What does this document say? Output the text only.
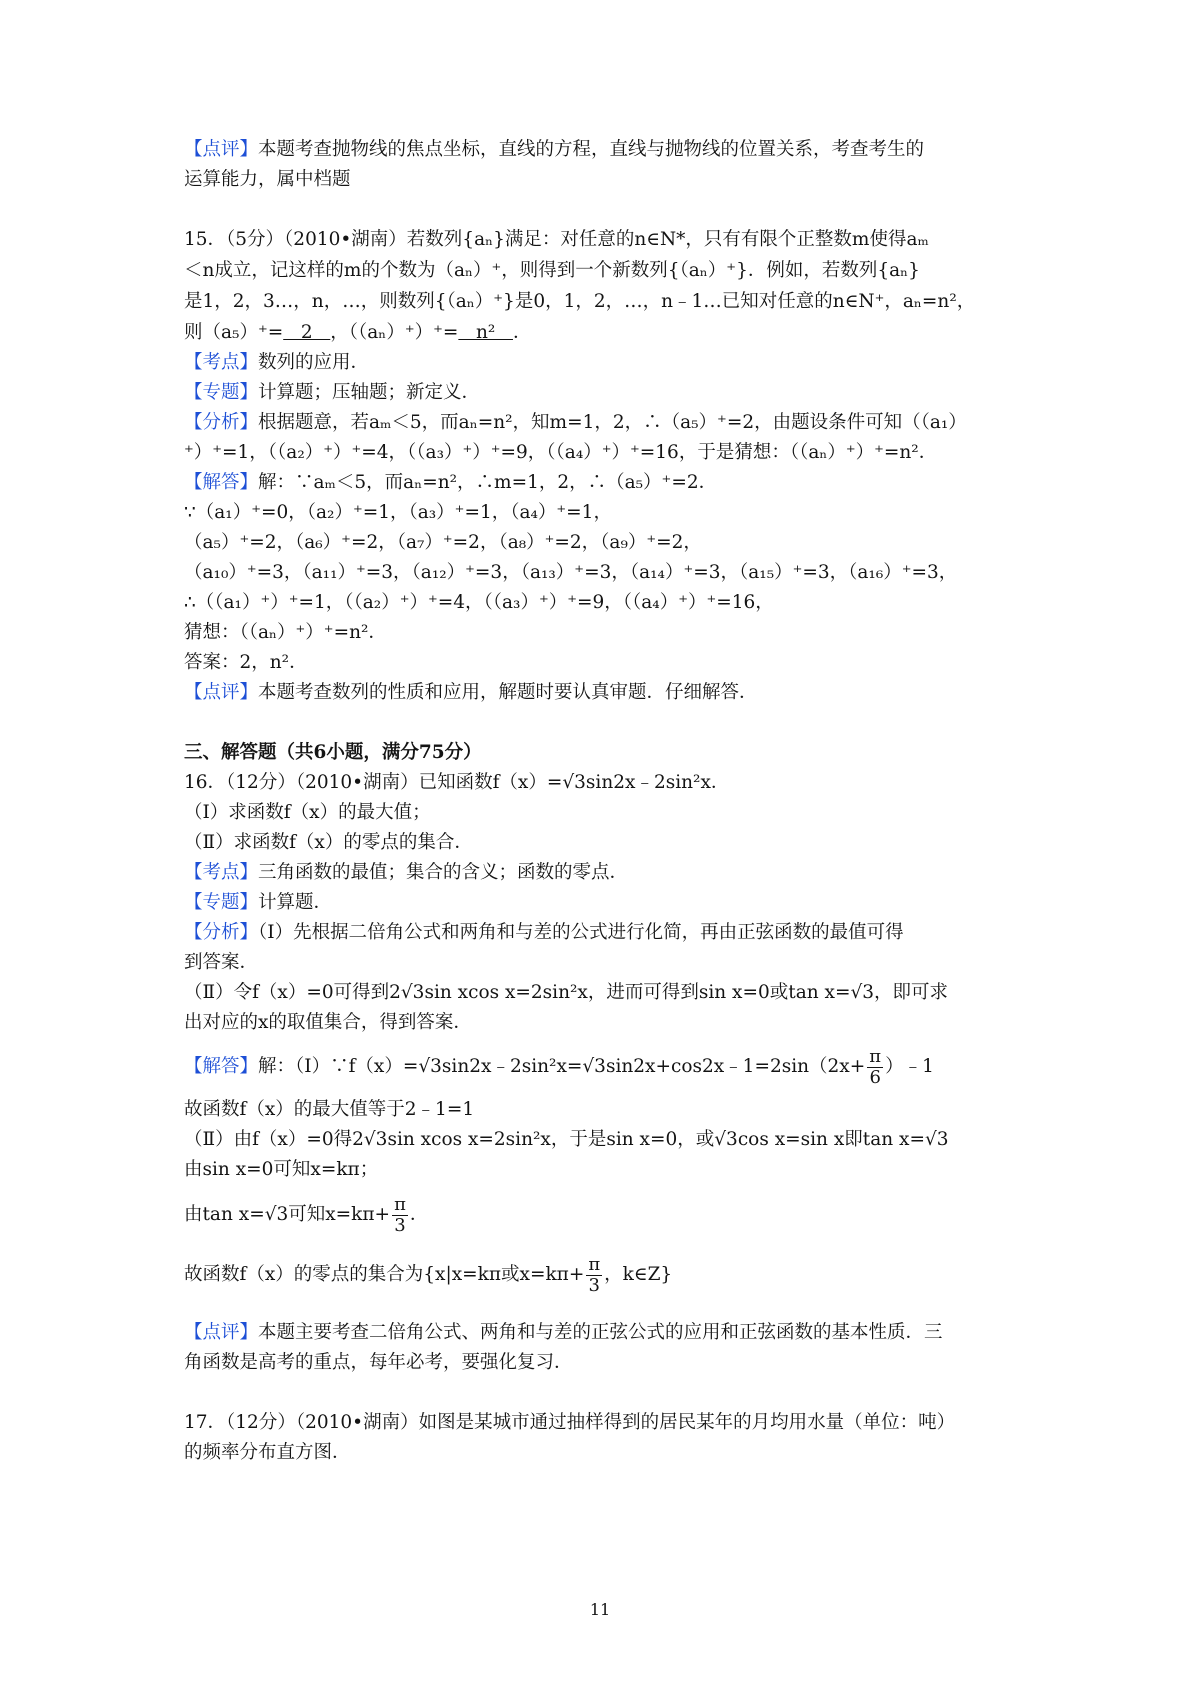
【点评】本题考查抛物线的焦点坐标，直线的方程，直线与抛物线的位置关系，考查考生的
运算能力，属中档题
15．（5分）（2010•湖南）若数列{aₙ}满足：对任意的n∈N*，只有有限个正整数m使得aₘ
＜n成立，记这样的m的个数为（aₙ）⁺，则得到一个新数列{（aₙ）⁺}．例如，若数列{aₙ}
是1，2，3…，n，…，则数列{（aₙ）⁺}是0，1，2，…，n﹣1…已知对任意的n∈N⁺，aₙ=n²，
则（a₅）⁺=   2   ，（（aₙ）⁺）⁺=   n²   ．
【考点】数列的应用．
【专题】计算题；压轴题；新定义．
【分析】根据题意，若aₘ＜5，而aₙ=n²，知m=1，2，∴（a₅）⁺=2，由题设条件可知（（a₁）
⁺）⁺=1，（（a₂）⁺）⁺=4，（（a₃）⁺）⁺=9，（（a₄）⁺）⁺=16，于是猜想：（（aₙ）⁺）⁺=n²．
【解答】解：∵aₘ＜5，而aₙ=n²，∴m=1，2，∴（a₅）⁺=2．
∵（a₁）⁺=0，（a₂）⁺=1，（a₃）⁺=1，（a₄）⁺=1，
（a₅）⁺=2，（a₆）⁺=2，（a₇）⁺=2，（a₈）⁺=2，（a₉）⁺=2，
（a₁₀）⁺=3，（a₁₁）⁺=3，（a₁₂）⁺=3，（a₁₃）⁺=3，（a₁₄）⁺=3，（a₁₅）⁺=3，（a₁₆）⁺=3，
∴（（a₁）⁺）⁺=1，（（a₂）⁺）⁺=4，（（a₃）⁺）⁺=9，（（a₄）⁺）⁺=16，
猜想：（（aₙ）⁺）⁺=n²．
答案：2，n²．
【点评】本题考查数列的性质和应用，解题时要认真审题．仔细解答．
三、解答题（共6小题，满分75分）
16．（12分）（2010•湖南）已知函数f（x）=√3sin2x﹣2sin²x．
（Ⅰ）求函数f（x）的最大值；
（Ⅱ）求函数f（x）的零点的集合．
【考点】三角函数的最值；集合的含义；函数的零点．
【专题】计算题．
【分析】（Ⅰ）先根据二倍角公式和两角和与差的公式进行化简，再由正弦函数的最值可得
到答案．
（Ⅱ）令f（x）=0可得到2√3sin xcos x=2sin²x，进而可得到sin x=0或tan x=√3，即可求
出对应的x的取值集合，得到答案．
【解答】解：（Ⅰ）∵f（x）=√3sin2x﹣2sin²x=√3sin2x+cos2x﹣1=2sin（2x+ $\frac{\pi}{6}$ ）﹣1
故函数f（x）的最大值等于2﹣1=1
（Ⅱ）由f（x）=0得2√3sin xcos x=2sin²x，于是sin x=0，或√3cos x=sin x即tan x=√3
由sin x=0可知x=kπ；
由tan x=√3可知$x=k\pi+ \frac{\pi}{3}$ ．
故函数f（x）的零点的集合为{x|x=kπ或$x=k\pi+ \frac{\pi}{3}$ ，k∈Z}
【点评】本题主要考查二倍角公式、两角和与差的正弦公式的应用和正弦函数的基本性质．三
角函数是高考的重点，每年必考，要强化复习．
17．（12分）（2010•湖南）如图是某城市通过抽样得到的居民某年的月均用水量（单位：吨）
的频率分布直方图．
11
